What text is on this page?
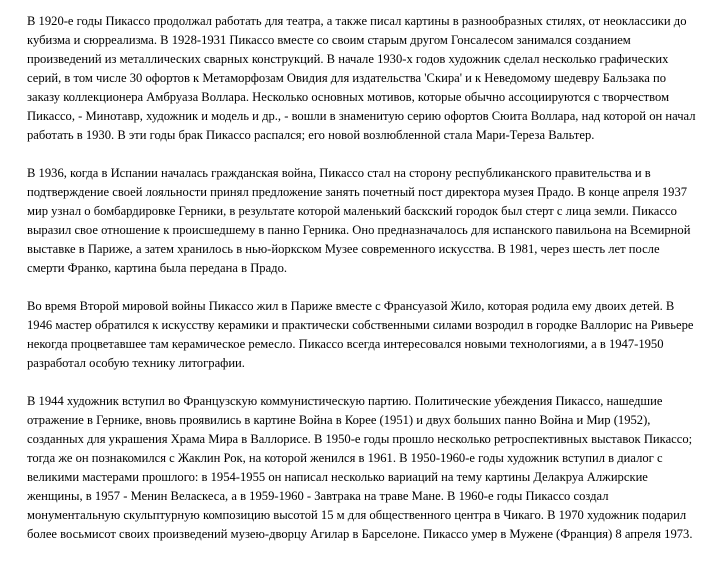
В 1920-е годы Пикассо продолжал работать для театра, а также писал картины в разнообразных стилях, от неоклассики до кубизма и сюрреализма. В 1928-1931 Пикассо вместе со своим старым другом Гонсалесом занимался созданием произведений из металлических сварных конструкций. В начале 1930-х годов художник сделал несколько графических серий, в том числе 30 офортов к Метаморфозам Овидия для издательства 'Скира' и к Неведомому шедевру Бальзака по заказу коллекционера Амбруаза Воллара. Несколько основных мотивов, которые обычно ассоциируются с творчеством Пикассо, - Минотавр, художник и модель и др., - вошли в знаменитую серию офортов Сюита Воллара, над которой он начал работать в 1930. В эти годы брак Пикассо распался; его новой возлюбленной стала Мари-Тереза Вальтер.

В 1936, когда в Испании началась гражданская война, Пикассо стал на сторону республиканского правительства и в подтверждение своей лояльности принял предложение занять почетный пост директора музея Прадо. В конце апреля 1937 мир узнал о бомбардировке Герники, в результате которой маленький баскский городок был стерт с лица земли. Пикассо выразил свое отношение к происшедшему в панно Герника. Оно предназначалось для испанского павильона на Всемирной выставке в Париже, а затем хранилось в нью-йоркском Музее современного искусства. В 1981, через шесть лет после смерти Франко, картина была передана в Прадо.

Во время Второй мировой войны Пикассо жил в Париже вместе с Франсуазой Жило, которая родила ему двоих детей. В 1946 мастер обратился к искусству керамики и практически собственными силами возродил в городке Валлорис на Ривьере некогда процветавшее там керамическое ремесло. Пикассо всегда интересовался новыми технологиями, а в 1947-1950 разработал особую технику литографии.

В 1944 художник вступил во Французскую коммунистическую партию. Политические убеждения Пикассо, нашедшие отражение в Гернике, вновь проявились в картине Война в Корее (1951) и двух больших панно Война и Мир (1952), созданных для украшения Храма Мира в Валлорисе. В 1950-е годы прошло несколько ретроспективных выставок Пикассо; тогда же он познакомился с Жаклин Рок, на которой женился в 1961. В 1950-1960-е годы художник вступил в диалог с великими мастерами прошлого: в 1954-1955 он написал несколько вариаций на тему картины Делакруа Алжирские женщины, в 1957 - Менин Веласкеса, а в 1959-1960 - Завтрака на траве Мане. В 1960-е годы Пикассо создал монументальную скульптурную композицию высотой 15 м для общественного центра в Чикаго. В 1970 художник подарил более восьмисот своих произведений музею-дворцу Агилар в Барселоне. Пикассо умер в Мужене (Франция) 8 апреля 1973.
